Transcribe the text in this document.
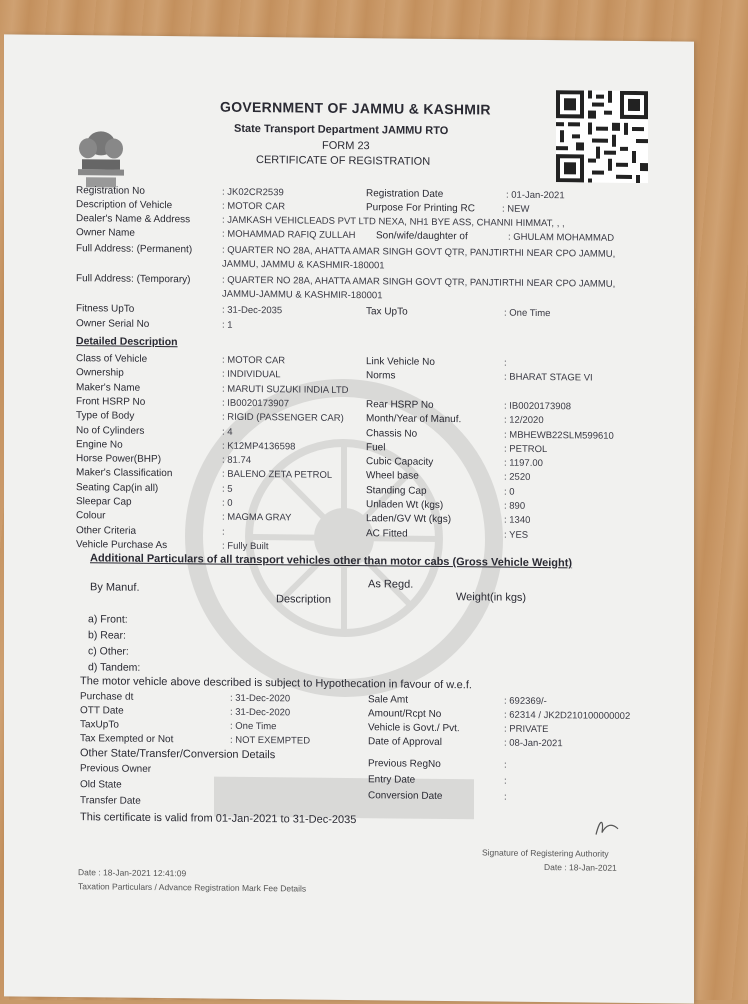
GOVERNMENT OF JAMMU & KASHMIR
State Transport Department JAMMU RTO
FORM 23
CERTIFICATE OF REGISTRATION
Registration No	: JK02CR2539	Registration Date	: 01-Jan-2021
Description of Vehicle	: MOTOR CAR	Purpose For Printing RC	: NEW
Dealer's Name & Address	: JAMKASH VEHICLEADS PVT LTD NEXA, NH1 BYE ASS, CHANNI HIMMAT, , ,
Owner Name	: MOHAMMAD RAFIQ ZULLAH Son/wife/daughter of	: GHULAM MOHAMMAD
Full Address: (Permanent)	: QUARTER NO 28A, AHATTA AMAR SINGH GOVT QTR, PANJTIRTHI NEAR CPO JAMMU,
JAMMU, JAMMU & KASHMIR-180001
Full Address: (Temporary)	: QUARTER NO 28A, AHATTA AMAR SINGH GOVT QTR, PANJTIRTHI NEAR CPO JAMMU,
JAMMU-JAMMU & KASHMIR-180001
Fitness UpTo	: 31-Dec-2035	Tax UpTo	: One Time
Owner Serial No	: 1
Detailed Description
Class of Vehicle	: MOTOR CAR	Link Vehicle No	:
Ownership	: INDIVIDUAL	Norms	: BHARAT STAGE VI
Maker's Name	: MARUTI SUZUKI INDIA LTD
Front HSRP No	: IB0020173907	Rear HSRP No	: IB0020173908
Type of Body	: RIGID (PASSENGER CAR) Month/Year of Manuf.	: 12/2020
No of Cylinders	: 4	Chassis No	: MBHEWB22SLM599610
Engine No	: K12MP4136598	Fuel	: PETROL
Horse Power(BHP)	: 81.74	Cubic Capacity	: 1197.00
Maker's Classification	: BALENO ZETA PETROL	Wheel base	: 2520
Seating Cap(in all)	: 5	Standing Cap	: 0
Sleepar Cap	: 0	Unladen Wt (kgs)	: 890
Colour	: MAGMA GRAY	Laden/GV Wt (kgs)	: 1340
Other Criteria	:	AC Fitted	: YES
Vehicle Purchase As	: Fully Built
Additional Particulars of all transport vehicles other than motor cabs (Gross Vehicle Weight)
By Manuf.	As Regd.
Description	Weight(in kgs)
a) Front:
b) Rear:
c) Other:
d) Tandem:
The motor vehicle above described is subject to Hypothecation in favour of w.e.f.
Purchase dt	: 31-Dec-2020	Sale Amt	: 692369/-
OTT Date	: 31-Dec-2020	Amount/Rcpt No	: 62314 / JK2D210100000002
TaxUpTo	: One Time	Vehicle is Govt./ Pvt.	: PRIVATE
Tax Exempted or Not	: NOT EXEMPTED	Date of Approval	: 08-Jan-2021
Other State/Transfer/Conversion Details
Previous Owner
Old State
Transfer Date
Previous RegNo	:
Entry Date	:
Conversion Date	:
This certificate is valid from 01-Jan-2021 to 31-Dec-2035
Date : 18-Jan-2021 12:41:09
Taxation Particulars / Advance Registration Mark Fee Details
Signature of Registering Authority
Date : 18-Jan-2021
